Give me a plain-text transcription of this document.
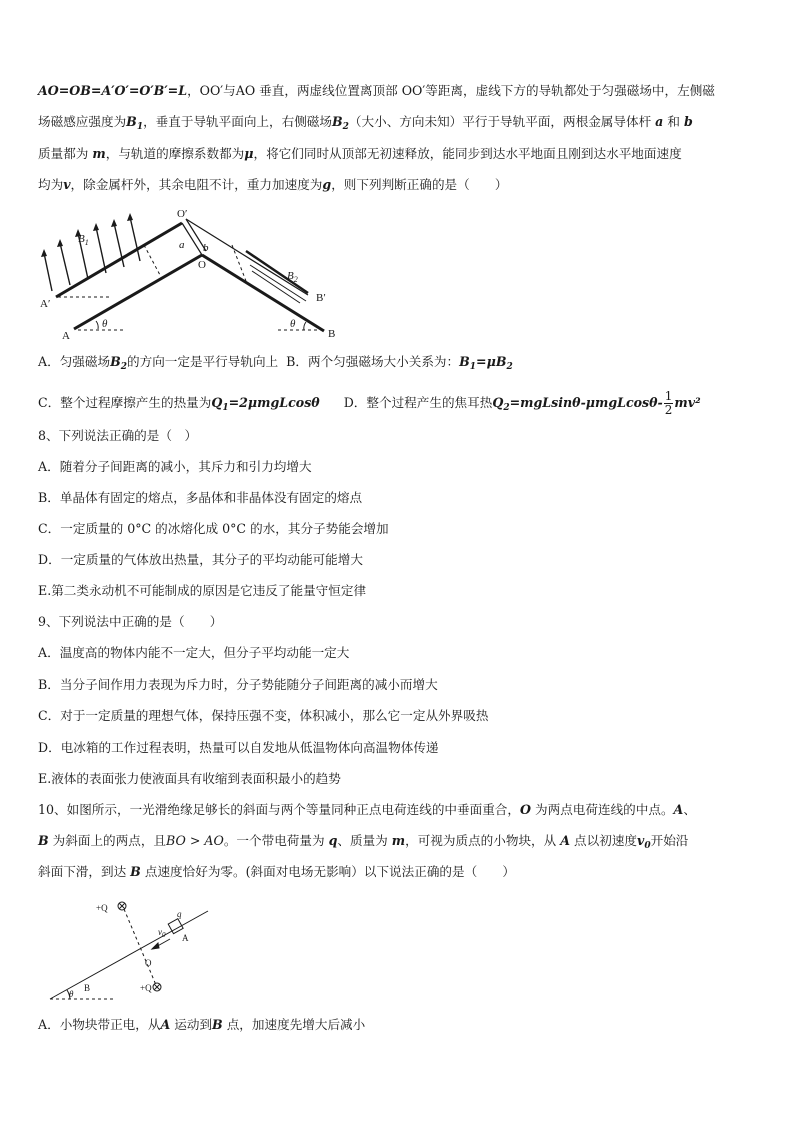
AO=OB=A′O′=O′B′=L，OO′与AO 垂直，两虚线位置离顶部 OO′等距离，虚线下方的导轨都处于匀强磁场中，左侧磁
场磁感应强度为$B_1$，垂直于导轨平面向上，右侧磁场$B_2$（大小、方向未知）平行于导轨平面，两根金属导体杆 a 和 b
质量都为 m，与轨道的摩擦系数都为μ，将它们同时从顶部无初速释放，能同步到达水平地面且刚到达水平地面速度
均为v，除金属杆外，其余电阻不计，重力加速度为g，则下列判断正确的是（　　）
O′
O
a b
A′
A
B′
B
$B_1$
$B_2$
θ	θ
A．匀强磁场$B_2$的方向一定是平行导轨向上 B．两个匀强磁场大小关系为：$B_1=\mu B_2$
C．整个过程摩擦产生的热量为$Q_1=2\mu mgLcos\theta$ D．整个过程产生的焦耳热$Q_2=mgLsin\theta-\mu mgLcos\theta- \frac{1}{2} mv^2$
8、下列说法正确的是（　）
A．随着分子间距离的减小，其斥力和引力均增大
B．单晶体有固定的熔点，多晶体和非晶体没有固定的熔点
C．一定质量的 0°C 的冰熔化成 0°C 的水，其分子势能会增加
D．一定质量的气体放出热量，其分子的平均动能可能增大
E.第二类永动机不可能制成的原因是它违反了能量守恒定律
9、下列说法中正确的是（　　）
A．温度高的物体内能不一定大，但分子平均动能一定大
B．当分子间作用力表现为斥力时，分子势能随分子间距离的减小而增大
C．对于一定质量的理想气体，保持压强不变，体积减小，那么它一定从外界吸热
D．电冰箱的工作过程表明，热量可以自发地从低温物体向高温物体传递
E.液体的表面张力使液面具有收缩到表面积最小的趋势
10、如图所示，一光滑绝缘足够长的斜面与两个等量同种正点电荷连线的中垂面重合，O 为两点电荷连线的中点。A、
B 为斜面上的两点，且BO > AO。一个带电荷量为 q、质量为 m，可视为质点的小物块，从 A 点以初速度$v_0$开始沿
斜面下滑，到达 B 点速度恰好为零。(斜面对电场无影响）以下说法正确的是（　　）
+Q
+Q
q
$v_0$ A
O
B
θ
A．小物块带正电，从A 运动到B 点，加速度先增大后减小
